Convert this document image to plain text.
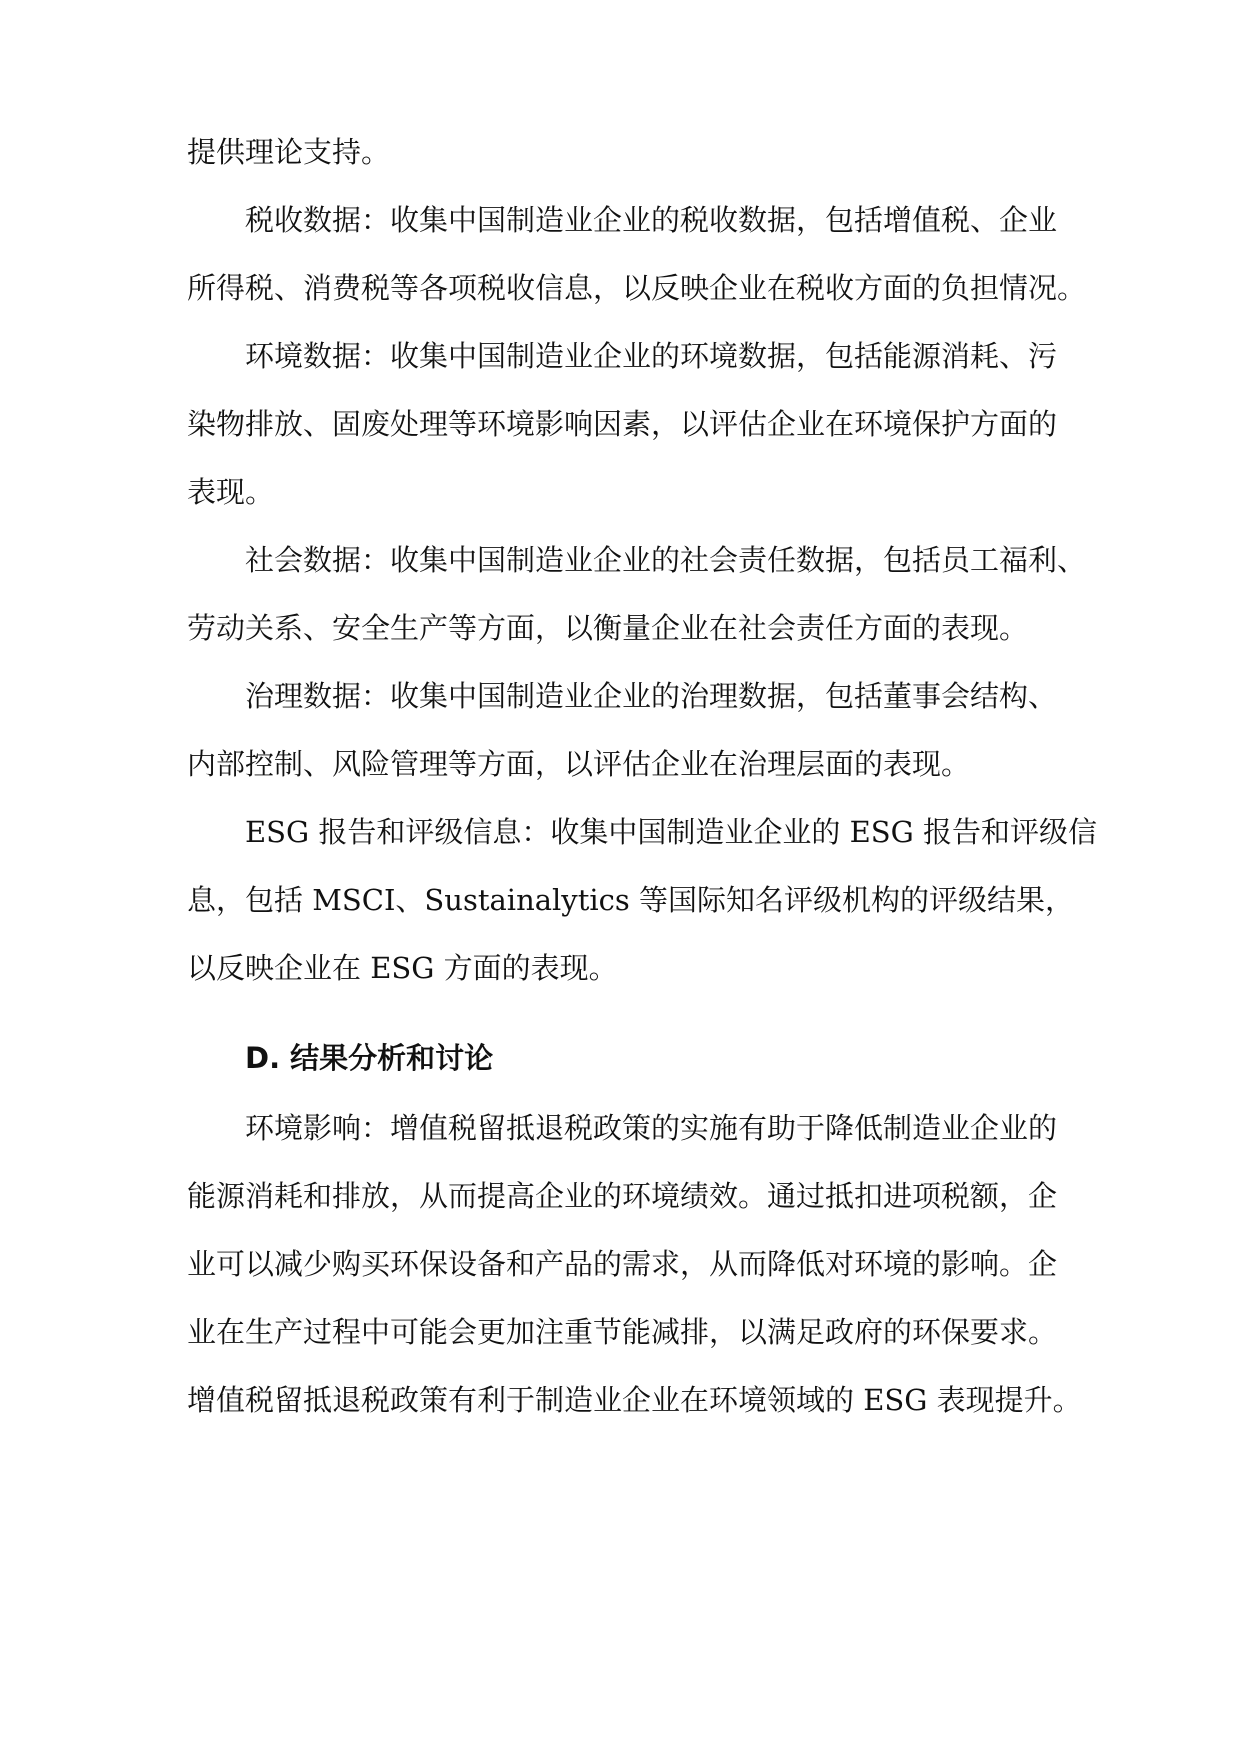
提供理论支持。
税收数据：收集中国制造业企业的税收数据，包括增值税、企业
所得税、消费税等各项税收信息，以反映企业在税收方面的负担情况。
环境数据：收集中国制造业企业的环境数据，包括能源消耗、污
染物排放、固废处理等环境影响因素，以评估企业在环境保护方面的
表现。
社会数据：收集中国制造业企业的社会责任数据，包括员工福利、
劳动关系、安全生产等方面，以衡量企业在社会责任方面的表现。
治理数据：收集中国制造业企业的治理数据，包括董事会结构、
内部控制、风险管理等方面，以评估企业在治理层面的表现。
ESG 报告和评级信息：收集中国制造业企业的 ESG 报告和评级信
息，包括 MSCI、Sustainalytics 等国际知名评级机构的评级结果，
以反映企业在 ESG 方面的表现。
D. 结果分析和讨论
环境影响：增值税留抵退税政策的实施有助于降低制造业企业的
能源消耗和排放，从而提高企业的环境绩效。通过抵扣进项税额，企
业可以减少购买环保设备和产品的需求，从而降低对环境的影响。企
业在生产过程中可能会更加注重节能减排，以满足政府的环保要求。
增值税留抵退税政策有利于制造业企业在环境领域的 ESG 表现提升。
